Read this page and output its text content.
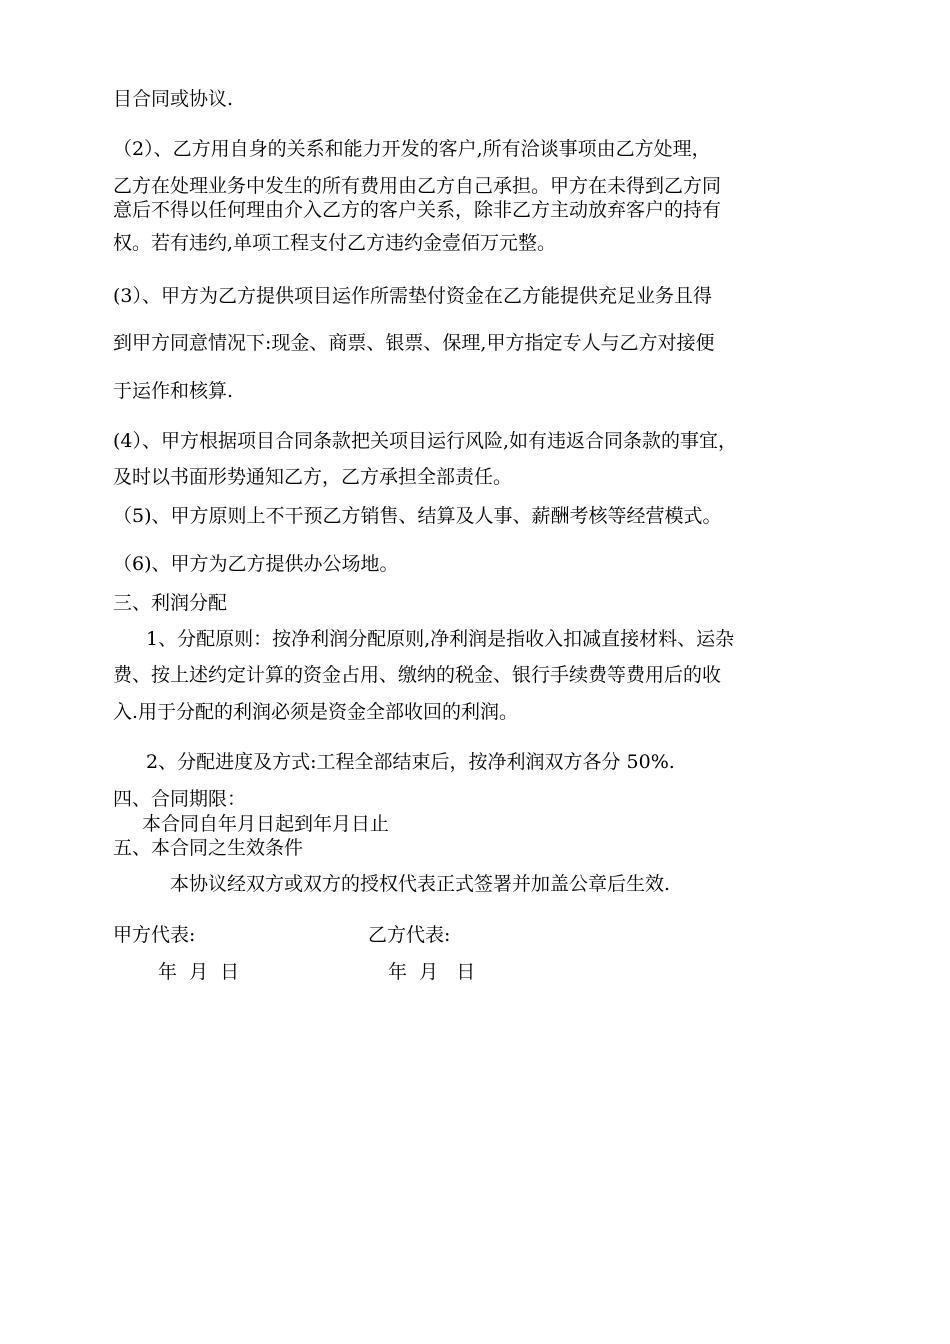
目合同或协议.
（2）、乙方用自身的关系和能力开发的客户,所有洽谈事项由乙方处理，
乙方在处理业务中发生的所有费用由乙方自己承担。甲方在未得到乙方同
意后不得以任何理由介入乙方的客户关系，除非乙方主动放弃客户的持有
权。若有违约,单项工程支付乙方违约金壹佰万元整。
(3）、甲方为乙方提供项目运作所需垫付资金在乙方能提供充足业务且得
到甲方同意情况下:现金、商票、银票、保理,甲方指定专人与乙方对接便
于运作和核算.
(4）、甲方根据项目合同条款把关项目运行风险,如有违返合同条款的事宜，
及时以书面形势通知乙方，乙方承担全部责任。
（5)、甲方原则上不干预乙方销售、结算及人事、薪酬考核等经营模式。
（6)、甲方为乙方提供办公场地。
三、利润分配
1、分配原则：按净利润分配原则,净利润是指收入扣减直接材料、运杂
费、按上述约定计算的资金占用、缴纳的税金、银行手续费等费用后的收
入.用于分配的利润必须是资金全部收回的利润。
2、分配进度及方式:工程全部结束后，按净利润双方各分 50%.
四、合同期限：
本合同自年月日起到年月日止
五、本合同之生效条件
本协议经双方或双方的授权代表正式签署并加盖公章后生效.
甲方代表:	乙方代表:
年  月  日	年  月   日
